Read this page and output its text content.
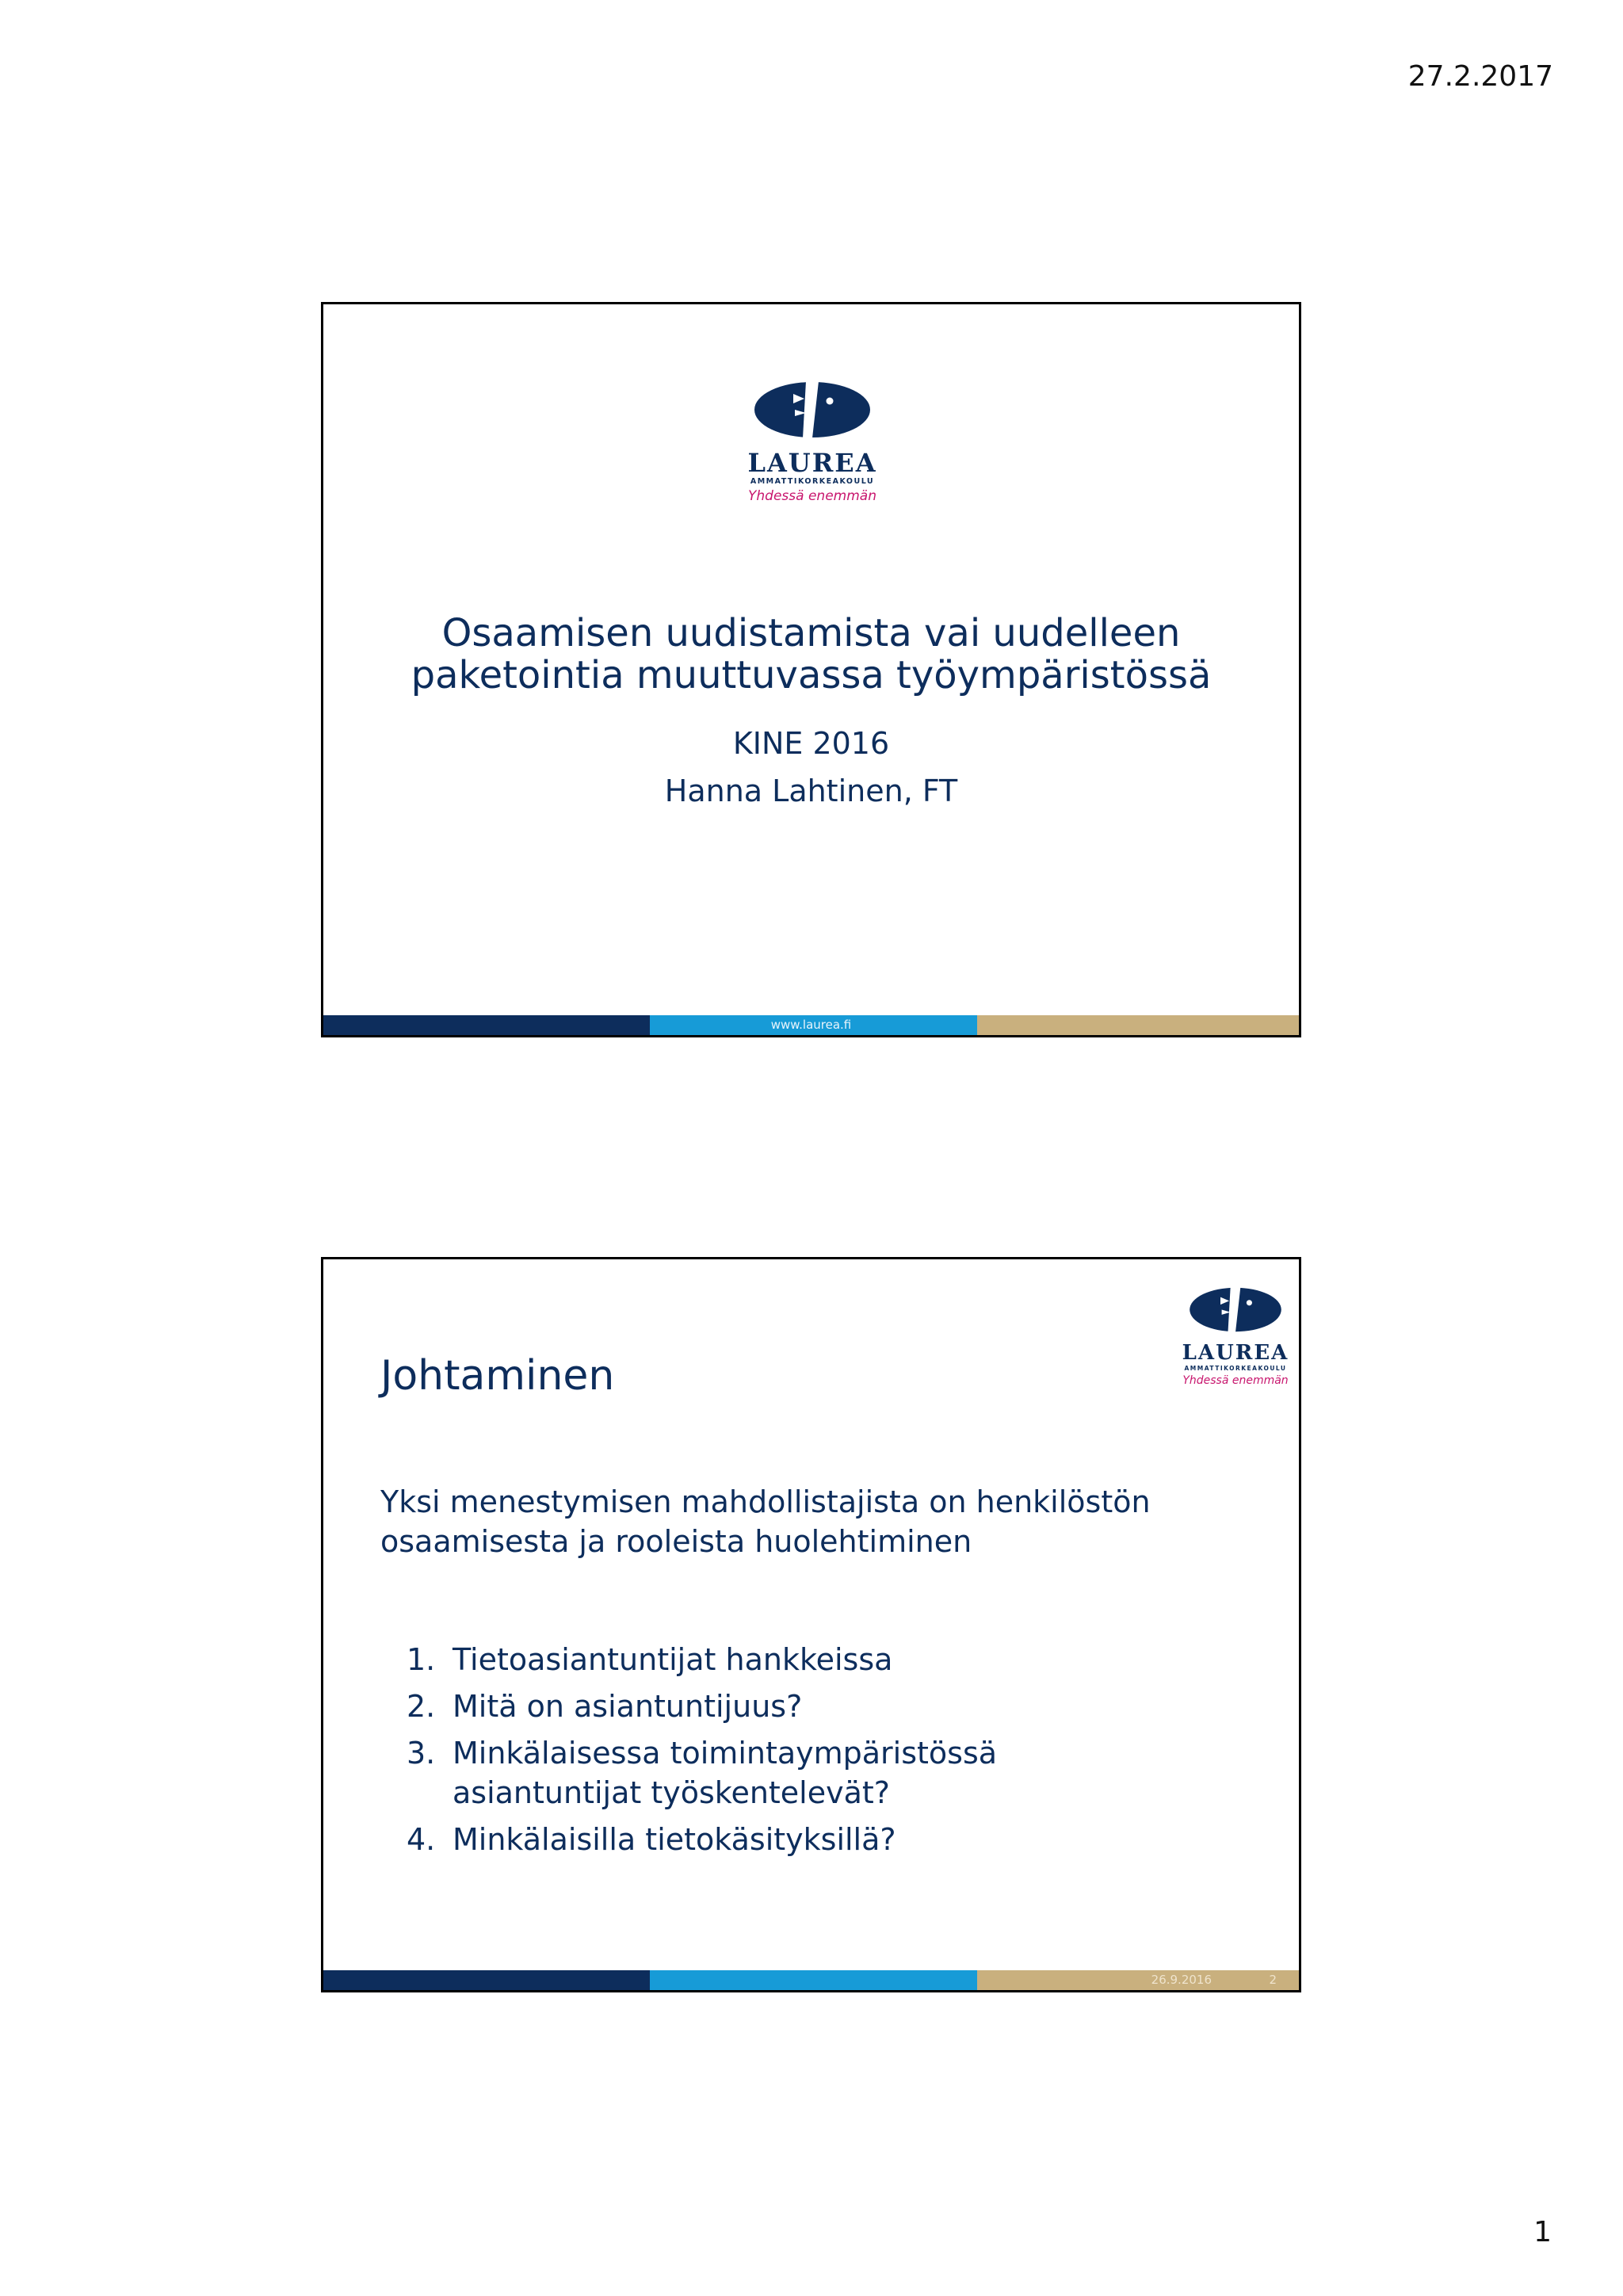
27.2.2017
LAUREA
AMMATTIKORKEAKOULU
Yhdessä enemmän
Osaamisen uudistamista vai uudelleen
paketointia muuttuvassa työympäristössä
KINE 2016
Hanna Lahtinen, FT
www.laurea.fi
LAUREA
AMMATTIKORKEAKOULU
Yhdessä enemmän
Johtaminen
Yksi menestymisen mahdollistajista on henkilöstön
osaamisesta ja rooleista huolehtiminen
1. Tietoasiantuntijat hankkeissa
2. Mitä on asiantuntijuus?
3. Minkälaisessa toimintaympäristössä
asiantuntijat työskentelevät?
4. Minkälaisilla tietokäsityksillä?
26.9.2016	2
1
